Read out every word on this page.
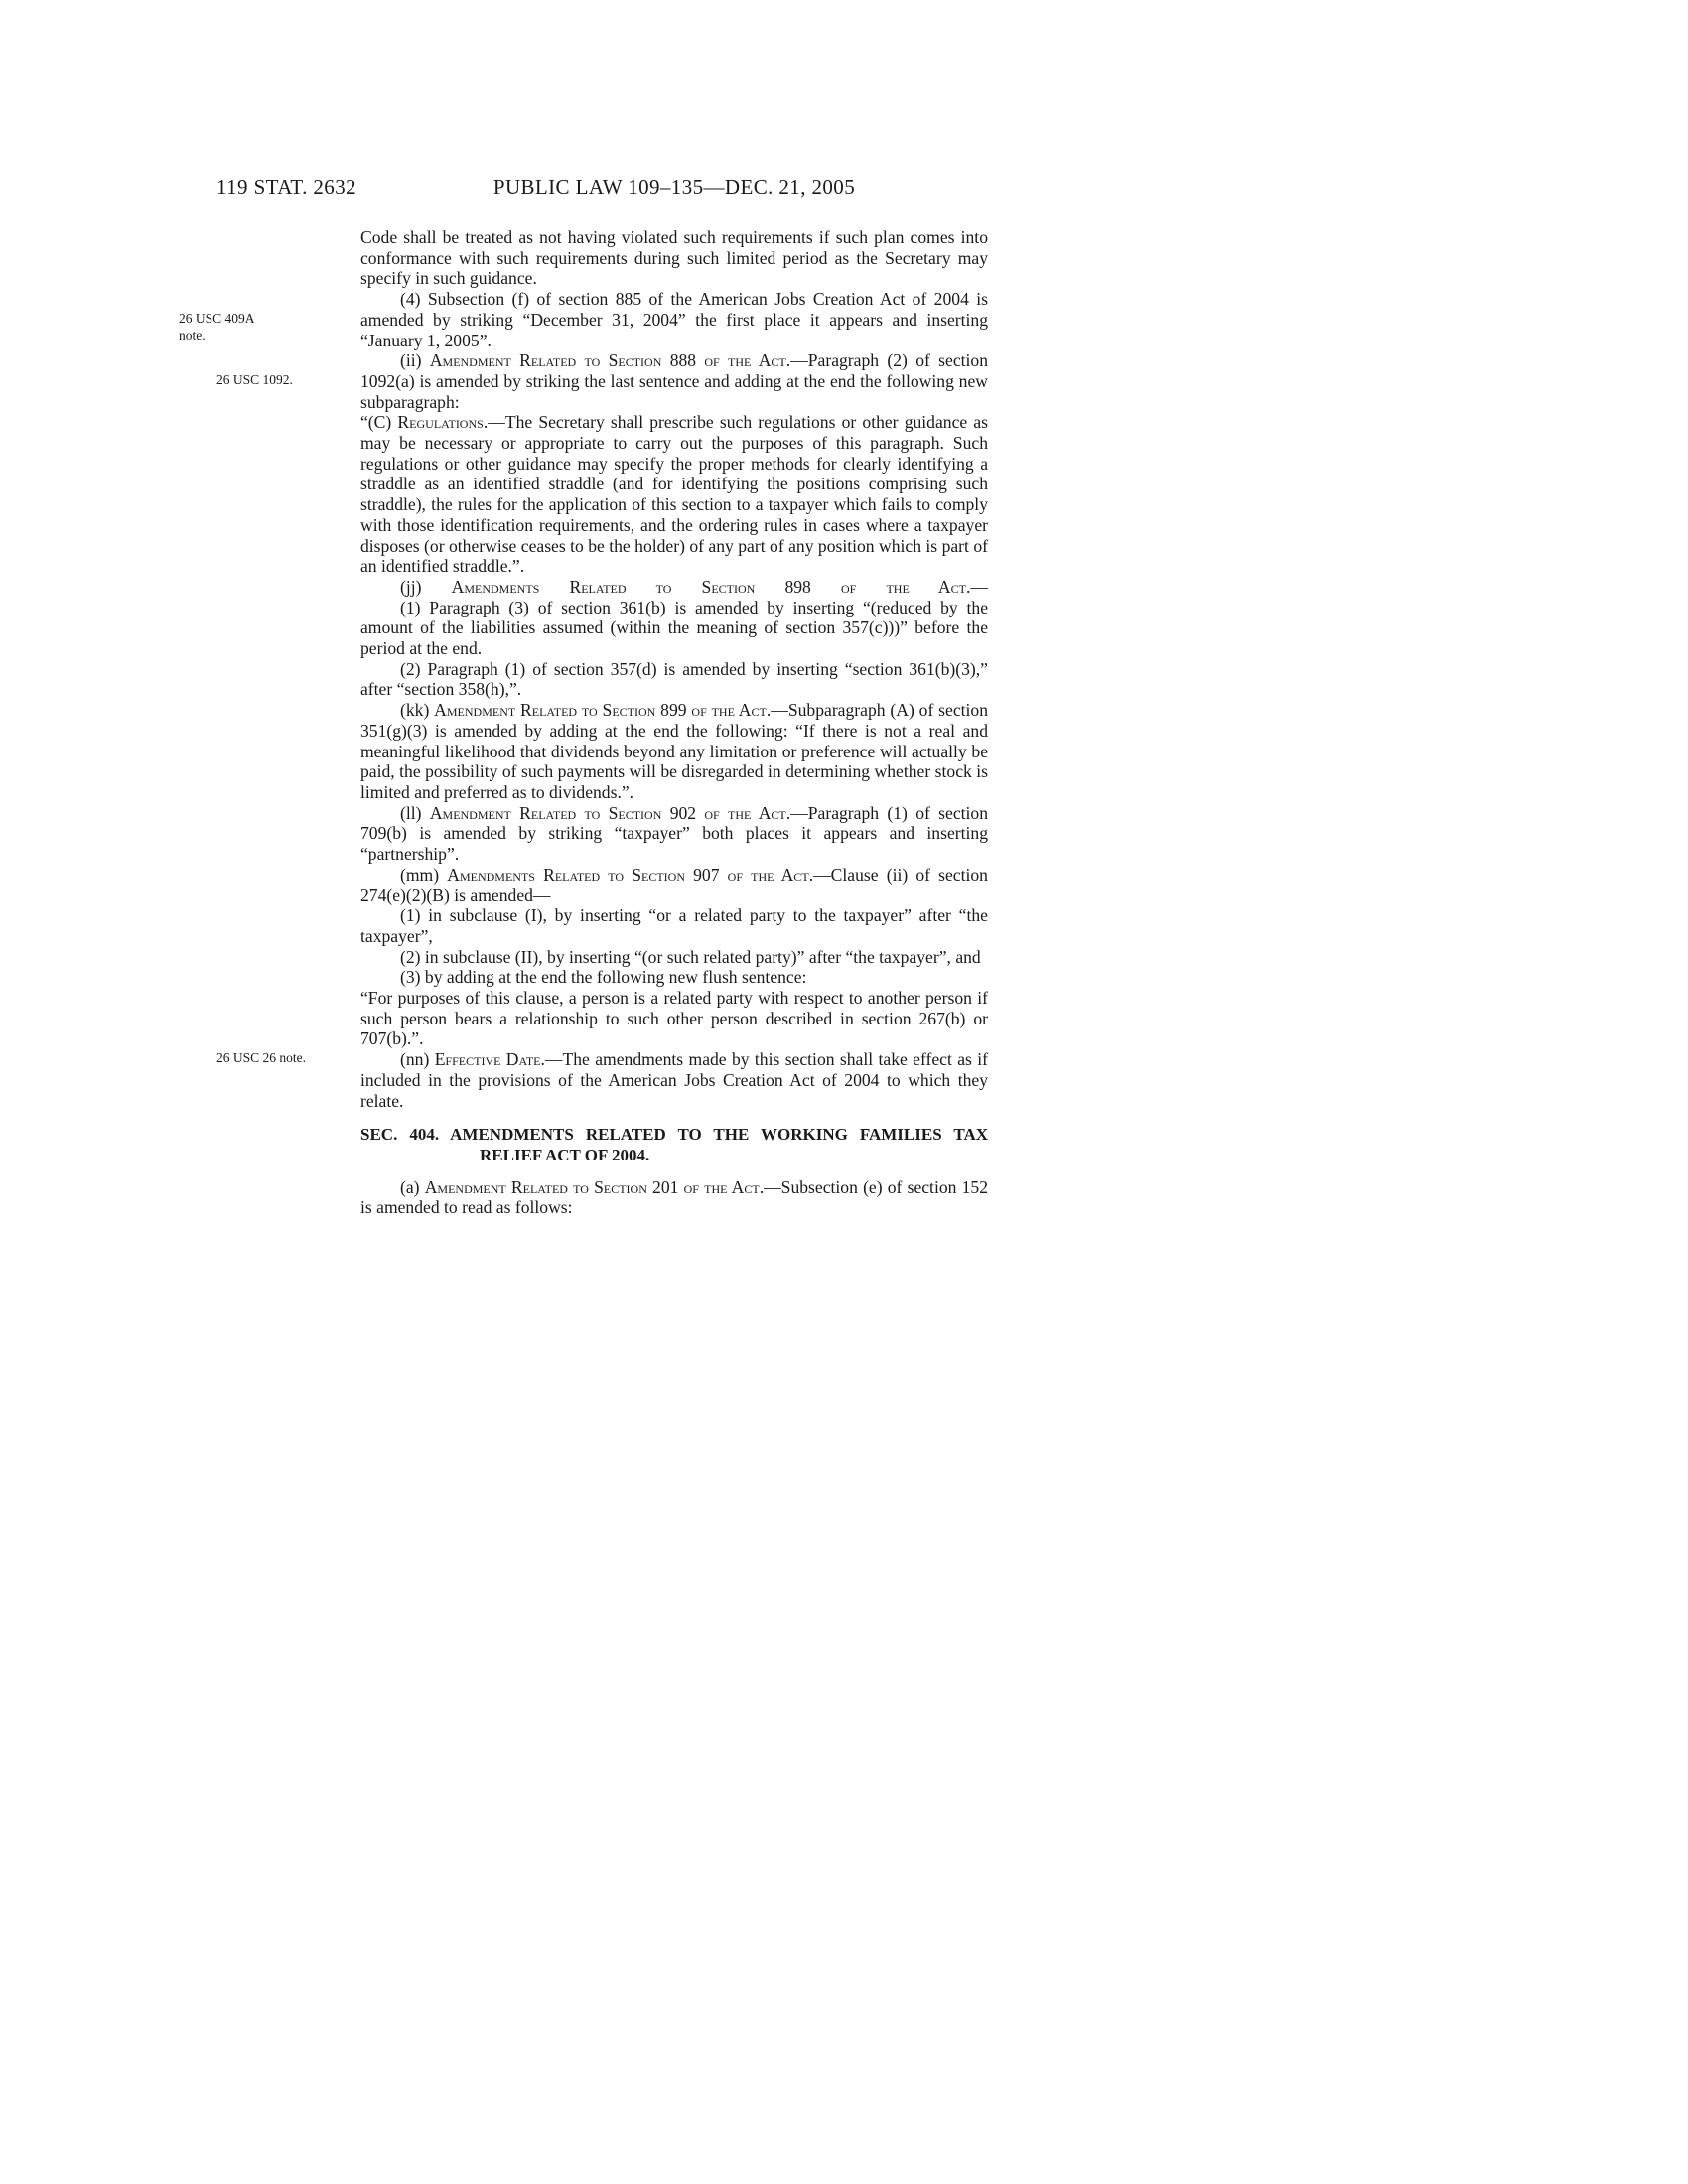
119 STAT. 2632	PUBLIC LAW 109–135—DEC. 21, 2005

Code shall be treated as not having violated such requirements if such plan comes into conformance with such requirements during such limited period as the Secretary may specify in such guidance.

(4) Subsection (f) of section 885 of the American Jobs Creation Act of 2004 is amended by striking “December 31, 2004” the first place it appears and inserting “January 1, 2005”.
26 USC 409A note.

(ii) Amendment Related to Section 888 of the Act.—Paragraph (2) of section 1092(a) is amended by striking the last sentence and adding at the end the following new subparagraph:
26 USC 1092.

“(C) Regulations.—The Secretary shall prescribe such regulations or other guidance as may be necessary or appropriate to carry out the purposes of this paragraph. Such regulations or other guidance may specify the proper methods for clearly identifying a straddle as an identified straddle (and for identifying the positions comprising such straddle), the rules for the application of this section to a taxpayer which fails to comply with those identification requirements, and the ordering rules in cases where a taxpayer disposes (or otherwise ceases to be the holder) of any part of any position which is part of an identified straddle.”.

(jj) Amendments Related to Section 898 of the Act.—

(1) Paragraph (3) of section 361(b) is amended by inserting “(reduced by the amount of the liabilities assumed (within the meaning of section 357(c)))” before the period at the end.

(2) Paragraph (1) of section 357(d) is amended by inserting “section 361(b)(3),” after “section 358(h),”.

(kk) Amendment Related to Section 899 of the Act.—Subparagraph (A) of section 351(g)(3) is amended by adding at the end the following: “If there is not a real and meaningful likelihood that dividends beyond any limitation or preference will actually be paid, the possibility of such payments will be disregarded in determining whether stock is limited and preferred as to dividends.”.

(ll) Amendment Related to Section 902 of the Act.—Paragraph (1) of section 709(b) is amended by striking “taxpayer” both places it appears and inserting “partnership”.

(mm) Amendments Related to Section 907 of the Act.—Clause (ii) of section 274(e)(2)(B) is amended—

(1) in subclause (I), by inserting “or a related party to the taxpayer” after “the taxpayer”,

(2) in subclause (II), by inserting “(or such related party)” after “the taxpayer”, and

(3) by adding at the end the following new flush sentence:

“For purposes of this clause, a person is a related party with respect to another person if such person bears a relationship to such other person described in section 267(b) or 707(b).”.

(nn) Effective Date.—The amendments made by this section shall take effect as if included in the provisions of the American Jobs Creation Act of 2004 to which they relate.
26 USC 26 note.

SEC. 404. AMENDMENTS RELATED TO THE WORKING FAMILIES TAX RELIEF ACT OF 2004.

(a) Amendment Related to Section 201 of the Act.—Subsection (e) of section 152 is amended to read as follows:
